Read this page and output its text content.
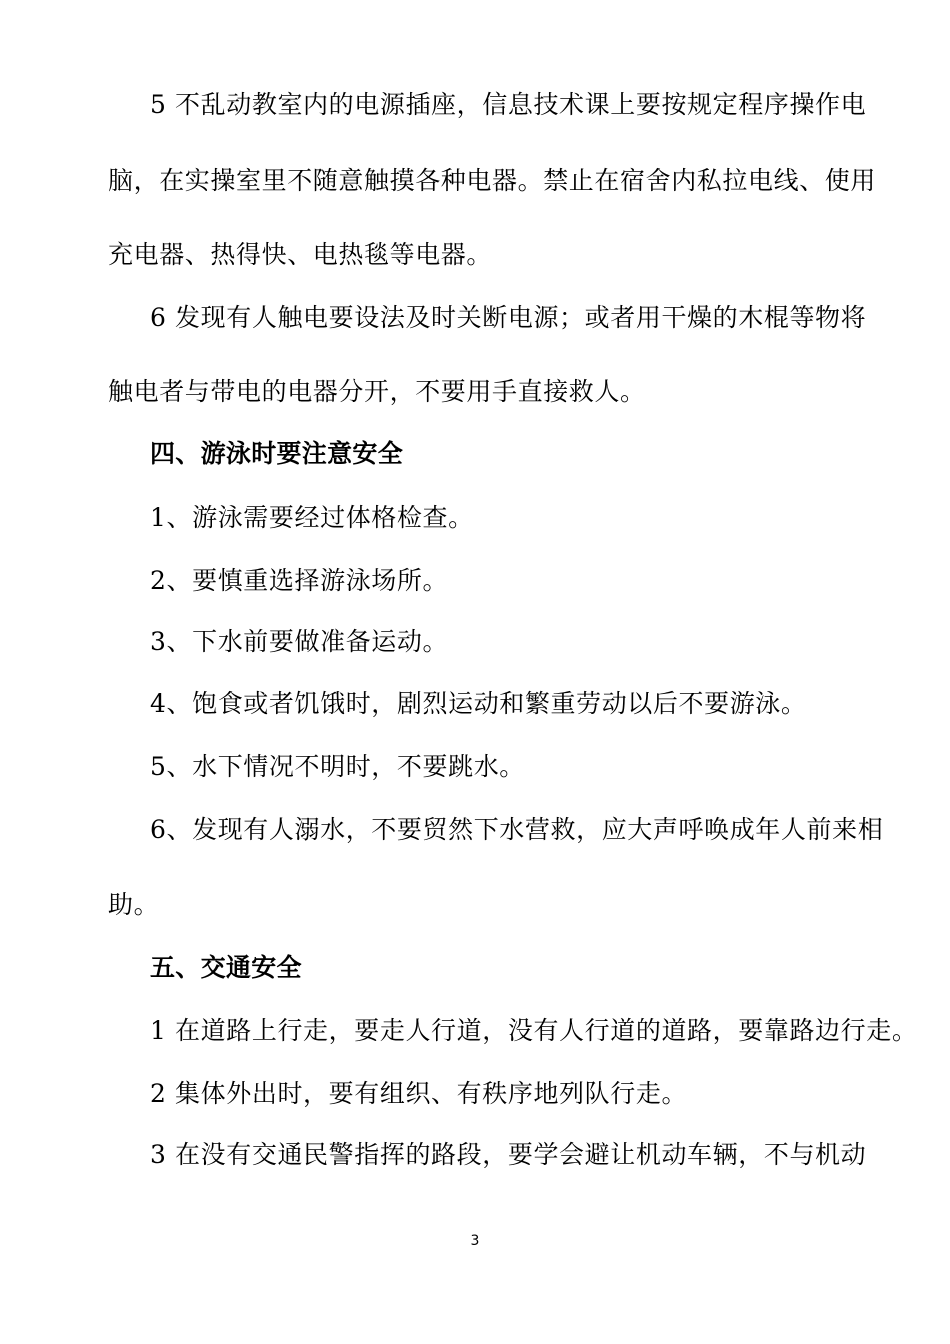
5 不乱动教室内的电源插座，信息技术课上要按规定程序操作电
脑，在实操室里不随意触摸各种电器。禁止在宿舍内私拉电线、使用
充电器、热得快、电热毯等电器。
6 发现有人触电要设法及时关断电源；或者用干燥的木棍等物将
触电者与带电的电器分开，不要用手直接救人。
四、游泳时要注意安全
1、游泳需要经过体格检查。
2、要慎重选择游泳场所。
3、下水前要做准备运动。
4、饱食或者饥饿时，剧烈运动和繁重劳动以后不要游泳。
5、水下情况不明时，不要跳水。
6、发现有人溺水，不要贸然下水营救，应大声呼唤成年人前来相
助。
五、交通安全
1 在道路上行走，要走人行道，没有人行道的道路，要靠路边行走。
2 集体外出时，要有组织、有秩序地列队行走。
3 在没有交通民警指挥的路段，要学会避让机动车辆，不与机动
3
